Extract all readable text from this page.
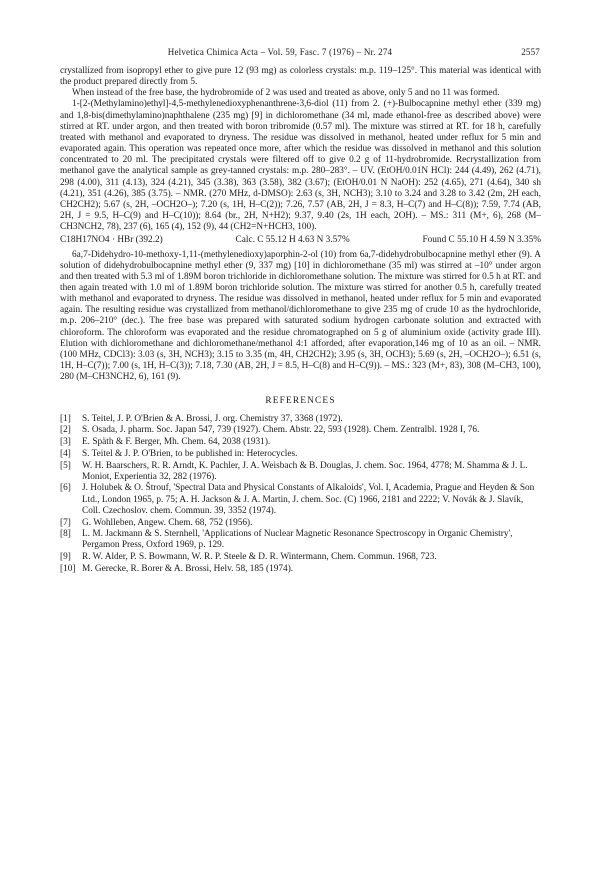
Helvetica Chimica Acta – Vol. 59, Fasc. 7 (1976) – Nr. 274	2557

crystallized from isopropyl ether to give pure 12 (93 mg) as colorless crystals: m.p. 119–125°. This material was identical with the product prepared directly from 5.

When instead of the free base, the hydrobromide of 2 was used and treated as above, only 5 and no 11 was formed.

1-[2-(Methylamino)ethyl]-4,5-methylenedioxyphenanthrene-3,6-diol (11) from 2. (+)-Bulbocapnine methyl ether (339 mg) and 1,8-bis(dimethylamino)naphthalene (235 mg) [9] in dichloromethane (34 ml, made ethanol-free as described above) were stirred at RT. under argon, and then treated with boron tribromide (0.57 ml). The mixture was stirred at RT. for 18 h, carefully treated with methanol and evaporated to dryness. The residue was dissolved in methanol, heated under reflux for 5 min and evaporated again. This operation was repeated once more, after which the residue was dissolved in methanol and this solution concentrated to 20 ml. The precipitated crystals were filtered off to give 0.2 g of 11-hydrobromide. Recrystallization from methanol gave the analytical sample as grey-tanned crystals: m.p. 280–283°. – UV. (EtOH/0.01N HCl): 244 (4.49), 262 (4.71), 298 (4.00), 311 (4.13), 324 (4.21), 345 (3.38), 363 (3.58), 382 (3.67); (EtOH/0.01 N NaOH): 252 (4.65), 271 (4.64), 340 sh (4.21), 351 (4.26), 385 (3.75). – NMR. (270 MHz, d-DMSO): 2.63 (s, 3H, NCH3); 3.10 to 3.24 and 3.28 to 3.42 (2m, 2H each, CH2CH2); 5.67 (s, 2H, –OCH2O–); 7.20 (s, 1H, H–C(2)); 7.26, 7.57 (AB, 2H, J = 8.3, H–C(7) and H–C(8)); 7.59, 7.74 (AB, 2H, J = 9.5, H–C(9) and H–C(10)); 8.64 (br., 2H, N+H2); 9.37, 9.40 (2s, 1H each, 2OH). – MS.: 311 (M+, 6), 268 (M–CH3NCH2, 78), 237 (6), 165 (4), 152 (9), 44 (CH2=N+HCH3, 100).

C18H17NO4 · HBr (392.2)	Calc. C 55.12 H 4.63 N 3.57%	Found C 55.10 H 4.59 N 3.35%

6a,7-Didehydro-10-methoxy-1,11-(methylenedioxy)aporphin-2-ol (10) from 6a,7-didehydrobulbocapnine methyl ether (9). A solution of didehydrobulbocapnine methyl ether (9, 337 mg) [10] in dichloromethane (35 ml) was stirred at –10° under argon and then treated with 5.3 ml of 1.89M boron trichloride in dichloromethane solution. The mixture was stirred for 0.5 h at RT. and then again treated with 1.0 ml of 1.89M boron trichloride solution. The mixture was stirred for another 0.5 h, carefully treated with methanol and evaporated to dryness. The residue was dissolved in methanol, heated under reflux for 5 min and evaporated again. The resulting residue was crystallized from methanol/dichloromethane to give 235 mg of crude 10 as the hydrochloride, m.p. 206–210° (dec.). The free base was prepared with saturated sodium hydrogen carbonate solution and extracted with chloroform. The chloroform was evaporated and the residue chromatographed on 5 g of aluminium oxide (activity grade III). Elution with dichloromethane and dichloromethane/methanol 4:1 afforded, after evaporation,146 mg of 10 as an oil. – NMR. (100 MHz, CDCl3): 3.03 (s, 3H, NCH3); 3.15 to 3.35 (m, 4H, CH2CH2); 3.95 (s, 3H, OCH3); 5.69 (s, 2H, –OCH2O–); 6.51 (s, 1H, H–C(7)); 7.00 (s, 1H, H–C(3)); 7.18, 7.30 (AB, 2H, J = 8.5, H–C(8) and H–C(9)). – MS.: 323 (M+, 83), 308 (M–CH3, 100), 280 (M–CH3NCH2, 6), 161 (9).

REFERENCES

[1] S. Teitel, J. P. O'Brien & A. Brossi, J. org. Chemistry 37, 3368 (1972).
[2] S. Osada, J. pharm. Soc. Japan 547, 739 (1927). Chem. Abstr. 22, 593 (1928). Chem. Zentralbl. 1928 I, 76.
[3] E. Späth & F. Berger, Mh. Chem. 64, 2038 (1931).
[4] S. Teitel & J. P. O'Brien, to be published in: Heterocycles.
[5] W. H. Baarschers, R. R. Arndt, K. Pachler, J. A. Weisbach & B. Douglas, J. chem. Soc. 1964, 4778; M. Shamma & J. L. Moniot, Experientia 32, 282 (1976).
[6] J. Holubek & O. Štrouf, 'Spectral Data and Physical Constants of Alkaloids', Vol. I, Academia, Prague and Heyden & Son Ltd., London 1965, p. 75; A. H. Jackson & J. A. Martin, J. chem. Soc. (C) 1966, 2181 and 2222; V. Novák & J. Slavík, Coll. Czechoslov. chem. Commun. 39, 3352 (1974).
[7] G. Wohlleben, Angew. Chem. 68, 752 (1956).
[8] L. M. Jackmann & S. Sternhell, 'Applications of Nuclear Magnetic Resonance Spectroscopy in Organic Chemistry', Pergamon Press, Oxford 1969, p. 129.
[9] R. W. Alder, P. S. Bowmann, W. R. P. Steele & D. R. Wintermann, Chem. Commun. 1968, 723.
[10] M. Gerecke, R. Borer & A. Brossi, Helv. 58, 185 (1974).
